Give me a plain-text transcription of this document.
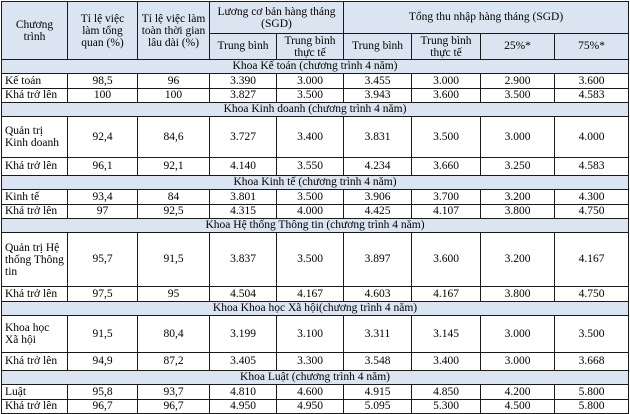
Chương trình	Tỉ lệ việc làm tổng quan (%)	Tỉ lệ việc làm toàn thời gian lâu dài (%)	Lương cơ bản hàng tháng (SGD)		Tổng thu nhập hàng tháng (SGD)			
			Trung bình	Trung bình thực tế	Trung bình	Trung bình thực tế	25%*	75%*
Khoa Kế toán (chương trình 4 năm)								
Kế toán	98,5	96	3.390	3.000	3.455	3.000	2.900	3.600
Khá trở lên	100	100	3.827	3.500	3.943	3.600	3.500	4.583
Khoa Kinh doanh (chương trình 4 năm)								
Quản trị Kinh doanh	92,4	84,6	3.727	3.400	3.831	3.500	3.000	4.000
Khá trở lên	96,1	92,1	4.140	3.550	4.234	3.660	3.250	4.583
Khoa Kinh tế (chương trình 4 năm)								
Kinh tế	93,4	84	3.801	3.500	3.906	3.700	3.200	4.300
Khá trở lên	97	92,5	4.315	4.000	4.425	4.107	3.800	4.750
Khoa Hệ thống Thông tin (chương trình 4 năm)								
Quản trị Hệ thống Thông tin	95,7	91,5	3.837	3.500	3.897	3.600	3.200	4.167
Khá trở lên	97,5	95	4.504	4.167	4.603	4.167	3.800	4.750
Khoa Khoa học Xã hội(chương trình 4 năm)								
Khoa học Xã hội	91,5	80,4	3.199	3.100	3.311	3.145	3.000	3.500
Khá trở lên	94,9	87,2	3.405	3.300	3.548	3.400	3.000	3.668
Khoa Luật (chương trình 4 năm)								
Luật	95,8	93,7	4.810	4.600	4.915	4.850	4.200	5.800
Khá trở lên	96,7	96,7	4.950	4.950	5.095	5.300	4.500	5.800
